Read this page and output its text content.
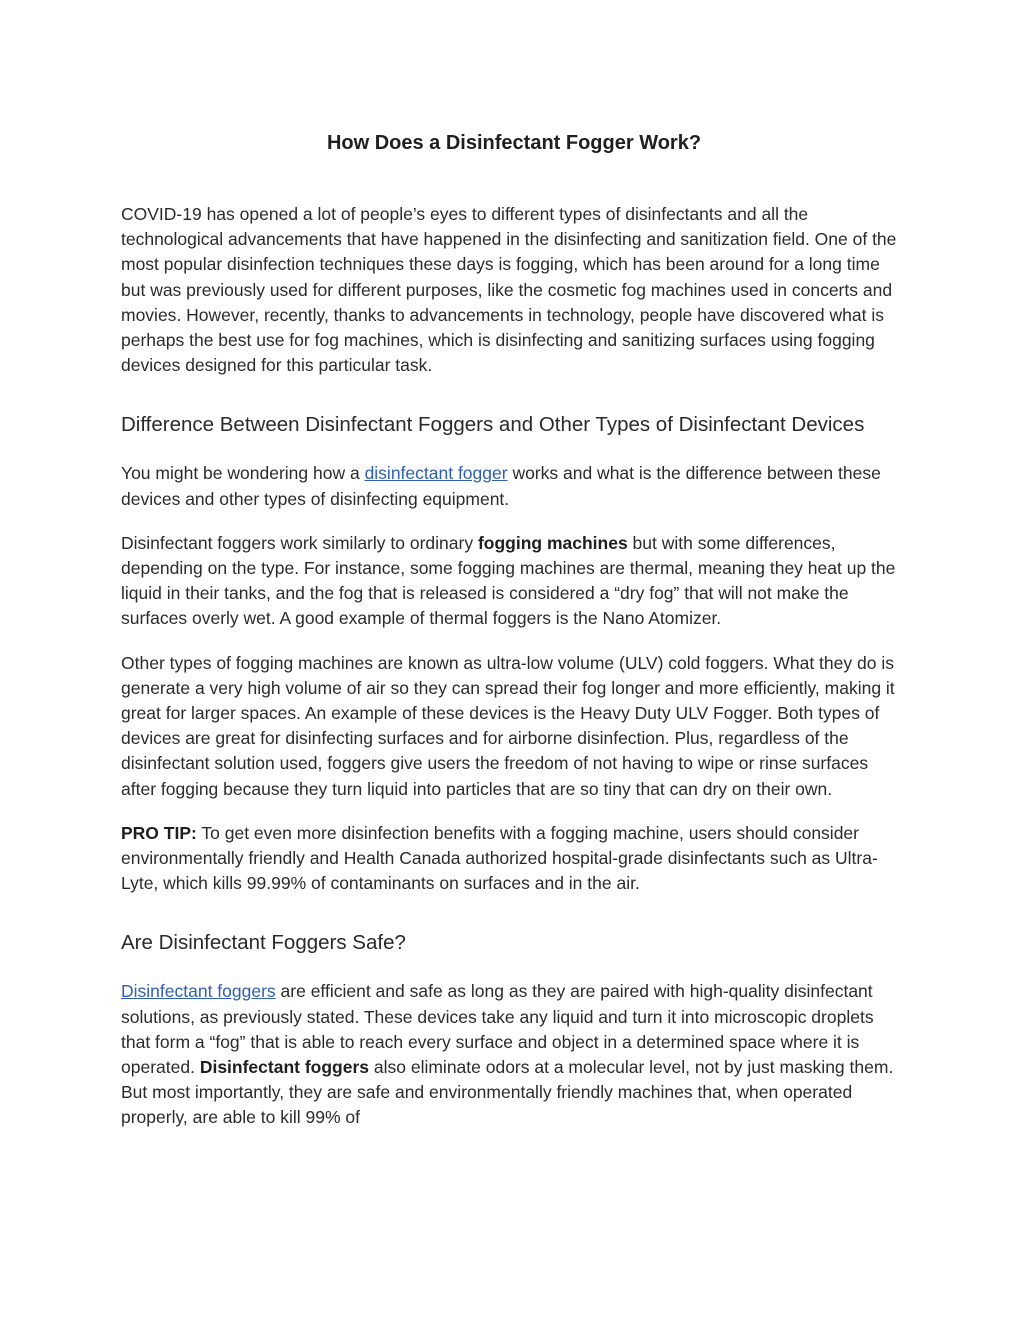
How Does a Disinfectant Fogger Work?

COVID-19 has opened a lot of people’s eyes to different types of disinfectants and all the technological advancements that have happened in the disinfecting and sanitization field. One of the most popular disinfection techniques these days is fogging, which has been around for a long time but was previously used for different purposes, like the cosmetic fog machines used in concerts and movies. However, recently, thanks to advancements in technology, people have discovered what is perhaps the best use for fog machines, which is disinfecting and sanitizing surfaces using fogging devices designed for this particular task.

Difference Between Disinfectant Foggers and Other Types of Disinfectant Devices

You might be wondering how a disinfectant fogger works and what is the difference between these devices and other types of disinfecting equipment.

Disinfectant foggers work similarly to ordinary fogging machines but with some differences, depending on the type. For instance, some fogging machines are thermal, meaning they heat up the liquid in their tanks, and the fog that is released is considered a “dry fog” that will not make the surfaces overly wet. A good example of thermal foggers is the Nano Atomizer.

Other types of fogging machines are known as ultra-low volume (ULV) cold foggers. What they do is generate a very high volume of air so they can spread their fog longer and more efficiently, making it great for larger spaces. An example of these devices is the Heavy Duty ULV Fogger. Both types of devices are great for disinfecting surfaces and for airborne disinfection. Plus, regardless of the disinfectant solution used, foggers give users the freedom of not having to wipe or rinse surfaces after fogging because they turn liquid into particles that are so tiny that can dry on their own.

PRO TIP: To get even more disinfection benefits with a fogging machine, users should consider environmentally friendly and Health Canada authorized hospital-grade disinfectants such as Ultra-Lyte, which kills 99.99% of contaminants on surfaces and in the air.

Are Disinfectant Foggers Safe?

Disinfectant foggers are efficient and safe as long as they are paired with high-quality disinfectant solutions, as previously stated. These devices take any liquid and turn it into microscopic droplets that form a “fog” that is able to reach every surface and object in a determined space where it is operated. Disinfectant foggers also eliminate odors at a molecular level, not by just masking them. But most importantly, they are safe and environmentally friendly machines that, when operated properly, are able to kill 99% of
